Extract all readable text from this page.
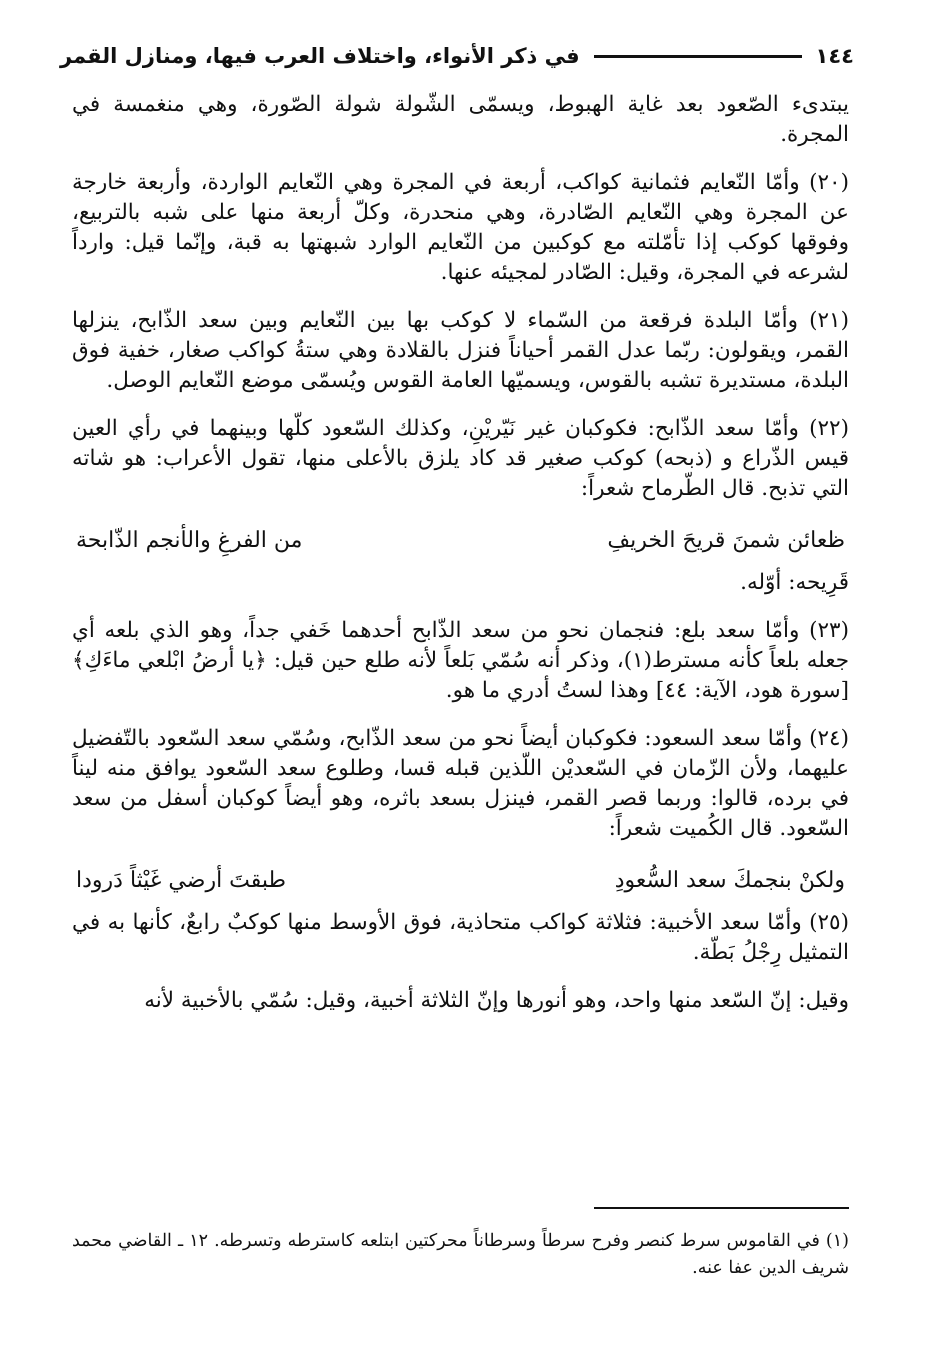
١٤٤
في ذكر الأنواء، واختلاف العرب فيها، ومنازل القمر

يبتدىء الصّعود بعد غاية الهبوط، ويسمّى الشّولة شولة الصّورة، وهي منغمسة في المجرة.

(٢٠) وأمّا النّعايم فثمانية كواكب، أربعة في المجرة وهي النّعايم الواردة، وأربعة خارجة عن المجرة وهي النّعايم الصّادرة، وهي منحدرة، وكلّ أربعة منها على شبه بالتربيع، وفوقها كوكب إذا تأمّلته مع كوكبين من النّعايم الوارد شبهتها به قبة، وإنّما قيل: وارداً لشرعه في المجرة، وقيل: الصّادر لمجيئه عنها.

(٢١) وأمّا البلدة فرقعة من السّماء لا كوكب بها بين النّعايم وبين سعد الذّابح، ينزلها القمر، ويقولون: ربّما عدل القمر أحياناً فنزل بالقلادة وهي ستةُ كواكب صغار، خفية فوق البلدة، مستديرة تشبه بالقوس، ويسميّها العامة القوس ويُسمّى موضع النّعايم الوصل.

(٢٢) وأمّا سعد الذّابح: فكوكبان غير نَيّريْنِ، وكذلك السّعود كلّها وبينهما في رأي العين قيس الذّراع و (ذبحه) كوكب صغير قد كاد يلزق بالأعلى منها، تقول الأعراب: هو شاته التي تذبح. قال الطّرماح شعراً:

ظعائن شمنَ قريحَ الخريفِ
من الفرغِ والأنجم الذّابحة

قَرِيحه: أوّله.

(٢٣) وأمّا سعد بلع: فنجمان نحو من سعد الذّابح أحدهما خَفي جداً، وهو الذي بلعه أي جعله بلعاً كأنه مسترط(١)، وذكر أنه سُمّي بَلعاً لأنه طلع حين قيل: ﴿يا أرضُ ابْلعي ماءَكِ﴾ [سورة هود، الآية: ٤٤] وهذا لستُ أدري ما هو.

(٢٤) وأمّا سعد السعود: فكوكبان أيضاً نحو من سعد الذّابح، وسُمّي سعد السّعود بالتّفضيل عليهما، ولأن الزّمان في السّعديْن اللّذين قبله قسا، وطلوع سعد السّعود يوافق منه ليناً في برده، قالوا: وربما قصر القمر، فينزل بسعد باثره، وهو أيضاً كوكبان أسفل من سعد السّعود. قال الكُميت شعراً:

ولكنْ بنجمكَ سعد السُّعودِ
طبقتَ أرضي غَيْثاً دَرودا

(٢٥) وأمّا سعد الأخبية: فثلاثة كواكب متحاذية، فوق الأوسط منها كوكبٌ رابعٌ، كأنها به في التمثيل رِجْلُ بَطّة.

وقيل: إنّ السّعد منها واحد، وهو أنورها وإنّ الثلاثة أخبية، وقيل: سُمّي بالأخبية لأنه

(١) في القاموس سرط كنصر وفرح سرطاً وسرطاناً محركتين ابتلعه كاسترطه وتسرطه. ١٢ ـ القاضي محمد شريف الدين عفا عنه.
